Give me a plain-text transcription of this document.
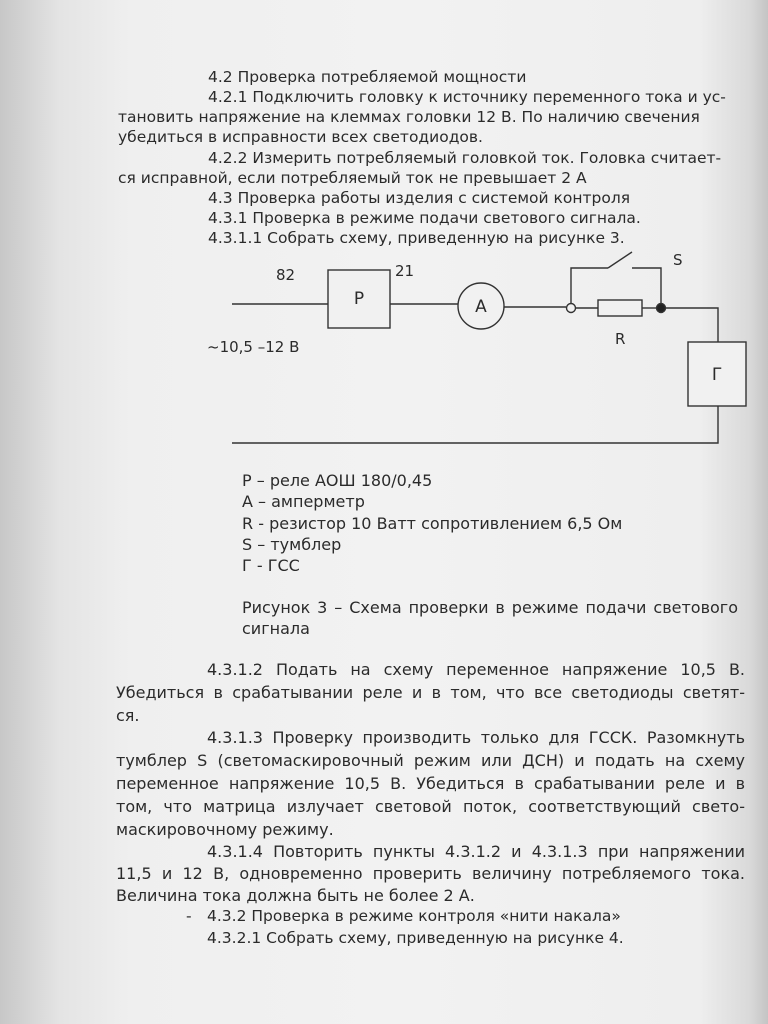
4.2 Проверка потребляемой мощности
4.2.1 Подключить головку к источнику переменного тока и ус-
тановить напряжение на клеммах головки 12 В. По наличию свечения
убедиться в исправности всех светодиодов.
4.2.2 Измерить потребляемый головкой ток. Головка считает-
ся исправной, если потребляемый ток не превышает 2 А
4.3 Проверка работы изделия с системой контроля
4.3.1 Проверка в режиме подачи светового сигнала.
4.3.1.1 Собрать схему, приведенную на рисунке 3.
82	21
Р	А
S
R
Г
~10,5 –12 В
Р – реле АОШ 180/0,45
А – амперметр
R - резистор 10 Ватт сопротивлением 6,5 Ом
S – тумблер
Г - ГСС
Рисунок 3 – Схема проверки в режиме подачи светового
сигнала
4.3.1.2 Подать на схему переменное напряжение 10,5 В.
Убедиться в срабатывании реле и в том, что все светодиоды светят-
ся.
4.3.1.3 Проверку производить только для ГССК. Разомкнуть
тумблер S (светомаскировочный режим или ДСН) и подать на схему
переменное напряжение 10,5 В. Убедиться в срабатывании реле и в
том, что матрица излучает световой поток, соответствующий свето-
маскировочному режиму.
4.3.1.4 Повторить пункты 4.3.1.2 и 4.3.1.3 при напряжении
11,5 и 12 В, одновременно проверить величину потребляемого тока.
Величина тока должна быть не более 2 А.
- 4.3.2 Проверка в режиме контроля «нити накала»
4.3.2.1 Собрать схему, приведенную на рисунке 4.
